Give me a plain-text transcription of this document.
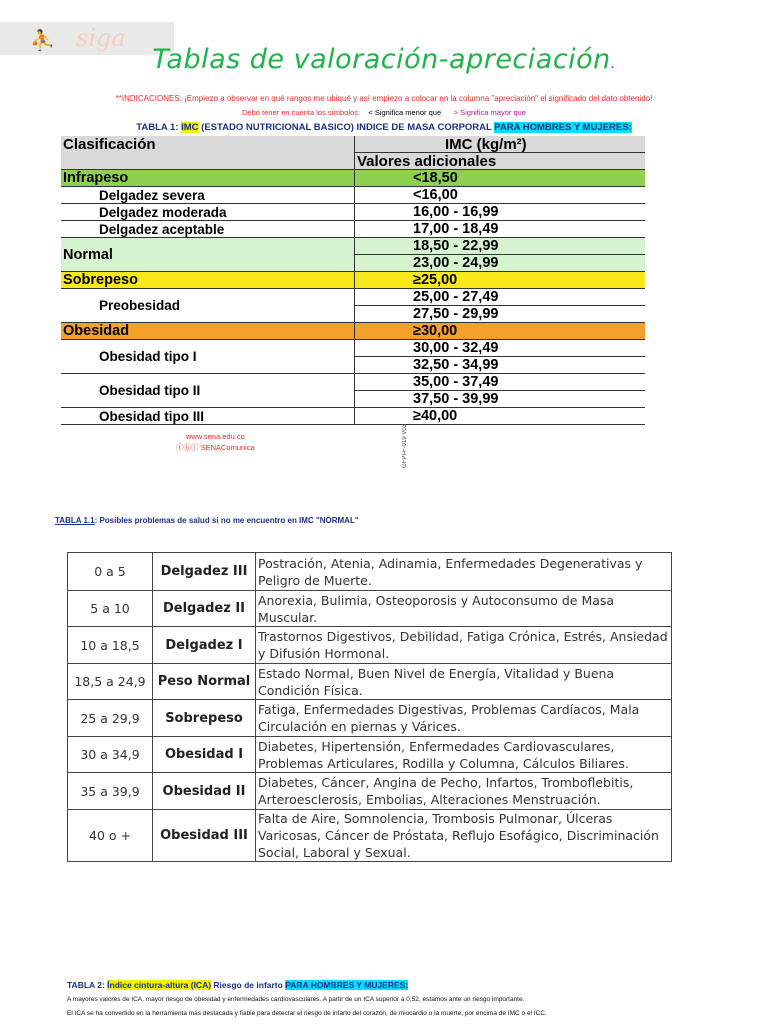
⛹ siga
Tablas de valoración-apreciación.
**INDICACIONES: ¡Empiezo a observar en qué rangos me ubiqué y así empiezo a colocar en la columna "apreciación" el significado del dato obtenido!
Debo tener en cuenta los símbolos: < Significa menor que > Significa mayor que
TABLA 1: IMC (ESTADO NUTRICIONAL BASICO) INDICE DE MASA CORPORAL PARA HOMBRES Y MUJERES:
Clasificación	IMC (kg/m²)
Valores adicionales
Infrapeso	<18,50
Delgadez severa	<16,00
Delgadez moderada	16,00 - 16,99
Delgadez aceptable	17,00 - 18,49
Normal
18,50 - 22,99
23,00 - 24,99
Sobrepeso	≥25,00
Preobesidad
25,00 - 27,49
27,50 - 29,99
Obesidad	≥30,00
Obesidad tipo I
30,00 - 32,49
32,50 - 34,99
Obesidad tipo II
35,00 - 37,49
37,50 - 39,99
Obesidad tipo III	≥40,00
www.sena.edu.co
ⓕⓑⓘ SENAComunica	GFPI-F-019 V03
TABLA 1.1: Posibles problemas de salud si no me encuentro en IMC "NORMAL"
0 a 5	Delgadez III	Postración, Atenia, Adinamia, Enfermedades Degenerativas y Peligro de Muerte.
5 a 10	Delgadez II	Anorexia, Bulimia, Osteoporosis y Autoconsumo de Masa Muscular.
10 a 18,5	Delgadez I	Trastornos Digestivos, Debilidad, Fatiga Crónica, Estrés, Ansiedad y Difusión Hormonal.
18,5 a 24,9	Peso Normal	Estado Normal, Buen Nivel de Energía, Vitalidad y Buena Condición Física.
25 a 29,9	Sobrepeso	Fatiga, Enfermedades Digestivas, Problemas Cardíacos, Mala Circulación en piernas y Várices.
30 a 34,9	Obesidad I	Diabetes, Hipertensión, Enfermedades Cardiovasculares, Problemas Articulares, Rodilla y Columna, Cálculos Biliares.
35 a 39,9	Obesidad II	Diabetes, Cáncer, Angina de Pecho, Infartos, Tromboflebitis, Arteroesclerosis, Embolias, Alteraciones Menstruación.
40 o +	Obesidad III	Falta de Aire, Somnolencia, Trombosis Pulmonar, Úlceras Varicosas, Cáncer de Próstata, Reflujo Esofágico, Discriminación Social, Laboral y Sexual.
TABLA 2: Índice cintura-altura (ICA) Riesgo de infarto PARA HOMBRES Y MUJERES:
A mayores valores de ICA, mayor riesgo de obesidad y enfermedades cardiovasculares. A partir de un ICA superior a 0,52, estamos ante un riesgo importante.
El ICA se ha convertido en la herramienta más destacada y fiable para detectar el riesgo de infarto del corazón, de miocardio o la muerte, por encima de IMC o el ICC.
